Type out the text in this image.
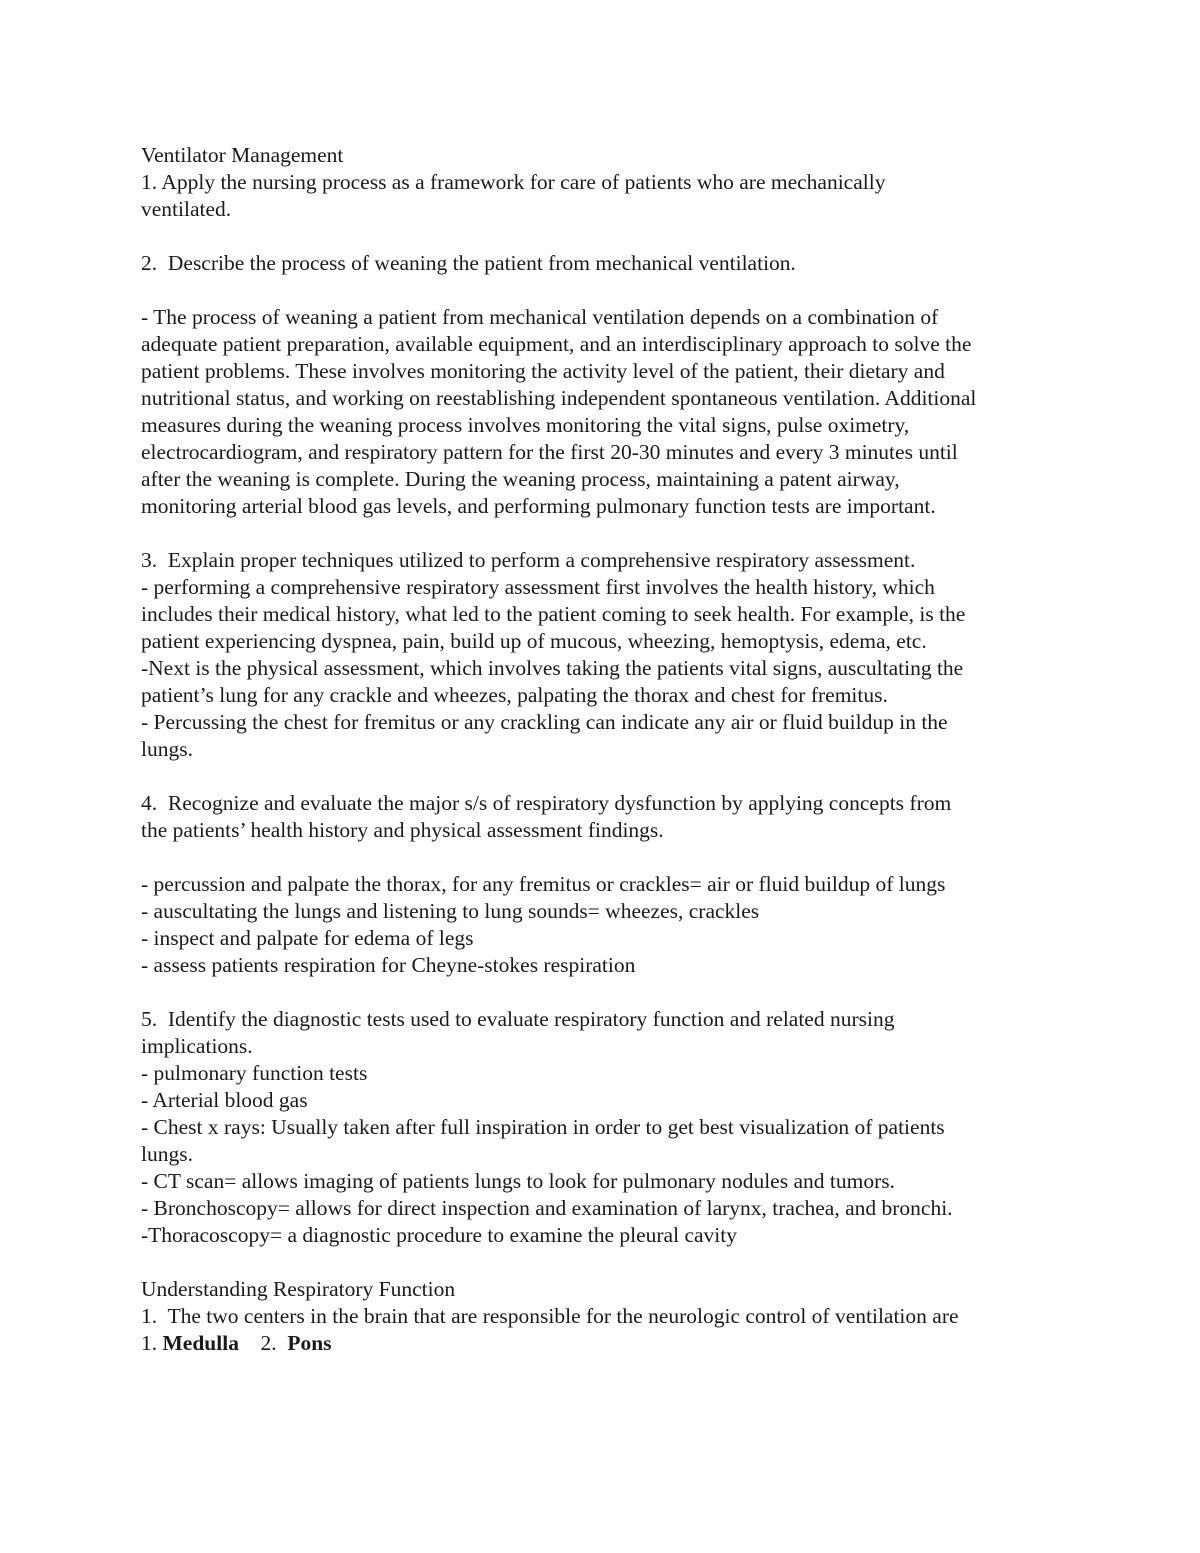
Ventilator Management
1. Apply the nursing process as a framework for care of patients who are mechanically
ventilated.
2.  Describe the process of weaning the patient from mechanical ventilation.
- The process of weaning a patient from mechanical ventilation depends on a combination of
adequate patient preparation, available equipment, and an interdisciplinary approach to solve the
patient problems. These involves monitoring the activity level of the patient, their dietary and
nutritional status, and working on reestablishing independent spontaneous ventilation. Additional
measures during the weaning process involves monitoring the vital signs, pulse oximetry,
electrocardiogram, and respiratory pattern for the first 20-30 minutes and every 3 minutes until
after the weaning is complete. During the weaning process, maintaining a patent airway,
monitoring arterial blood gas levels, and performing pulmonary function tests are important.
3.  Explain proper techniques utilized to perform a comprehensive respiratory assessment.
- performing a comprehensive respiratory assessment first involves the health history, which
includes their medical history, what led to the patient coming to seek health. For example, is the
patient experiencing dyspnea, pain, build up of mucous, wheezing, hemoptysis, edema, etc.
-Next is the physical assessment, which involves taking the patients vital signs, auscultating the
patient’s lung for any crackle and wheezes, palpating the thorax and chest for fremitus.
- Percussing the chest for fremitus or any crackling can indicate any air or fluid buildup in the
lungs.
4.  Recognize and evaluate the major s/s of respiratory dysfunction by applying concepts from
the patients’ health history and physical assessment findings.
- percussion and palpate the thorax, for any fremitus or crackles= air or fluid buildup of lungs
- auscultating the lungs and listening to lung sounds= wheezes, crackles
- inspect and palpate for edema of legs
- assess patients respiration for Cheyne-stokes respiration
5.  Identify the diagnostic tests used to evaluate respiratory function and related nursing
implications.
- pulmonary function tests
- Arterial blood gas
- Chest x rays: Usually taken after full inspiration in order to get best visualization of patients
lungs.
- CT scan= allows imaging of patients lungs to look for pulmonary nodules and tumors.
- Bronchoscopy= allows for direct inspection and examination of larynx, trachea, and bronchi.
-Thoracoscopy= a diagnostic procedure to examine the pleural cavity
Understanding Respiratory Function
1.  The two centers in the brain that are responsible for the neurologic control of ventilation are
1. Medulla    2.  Pons
